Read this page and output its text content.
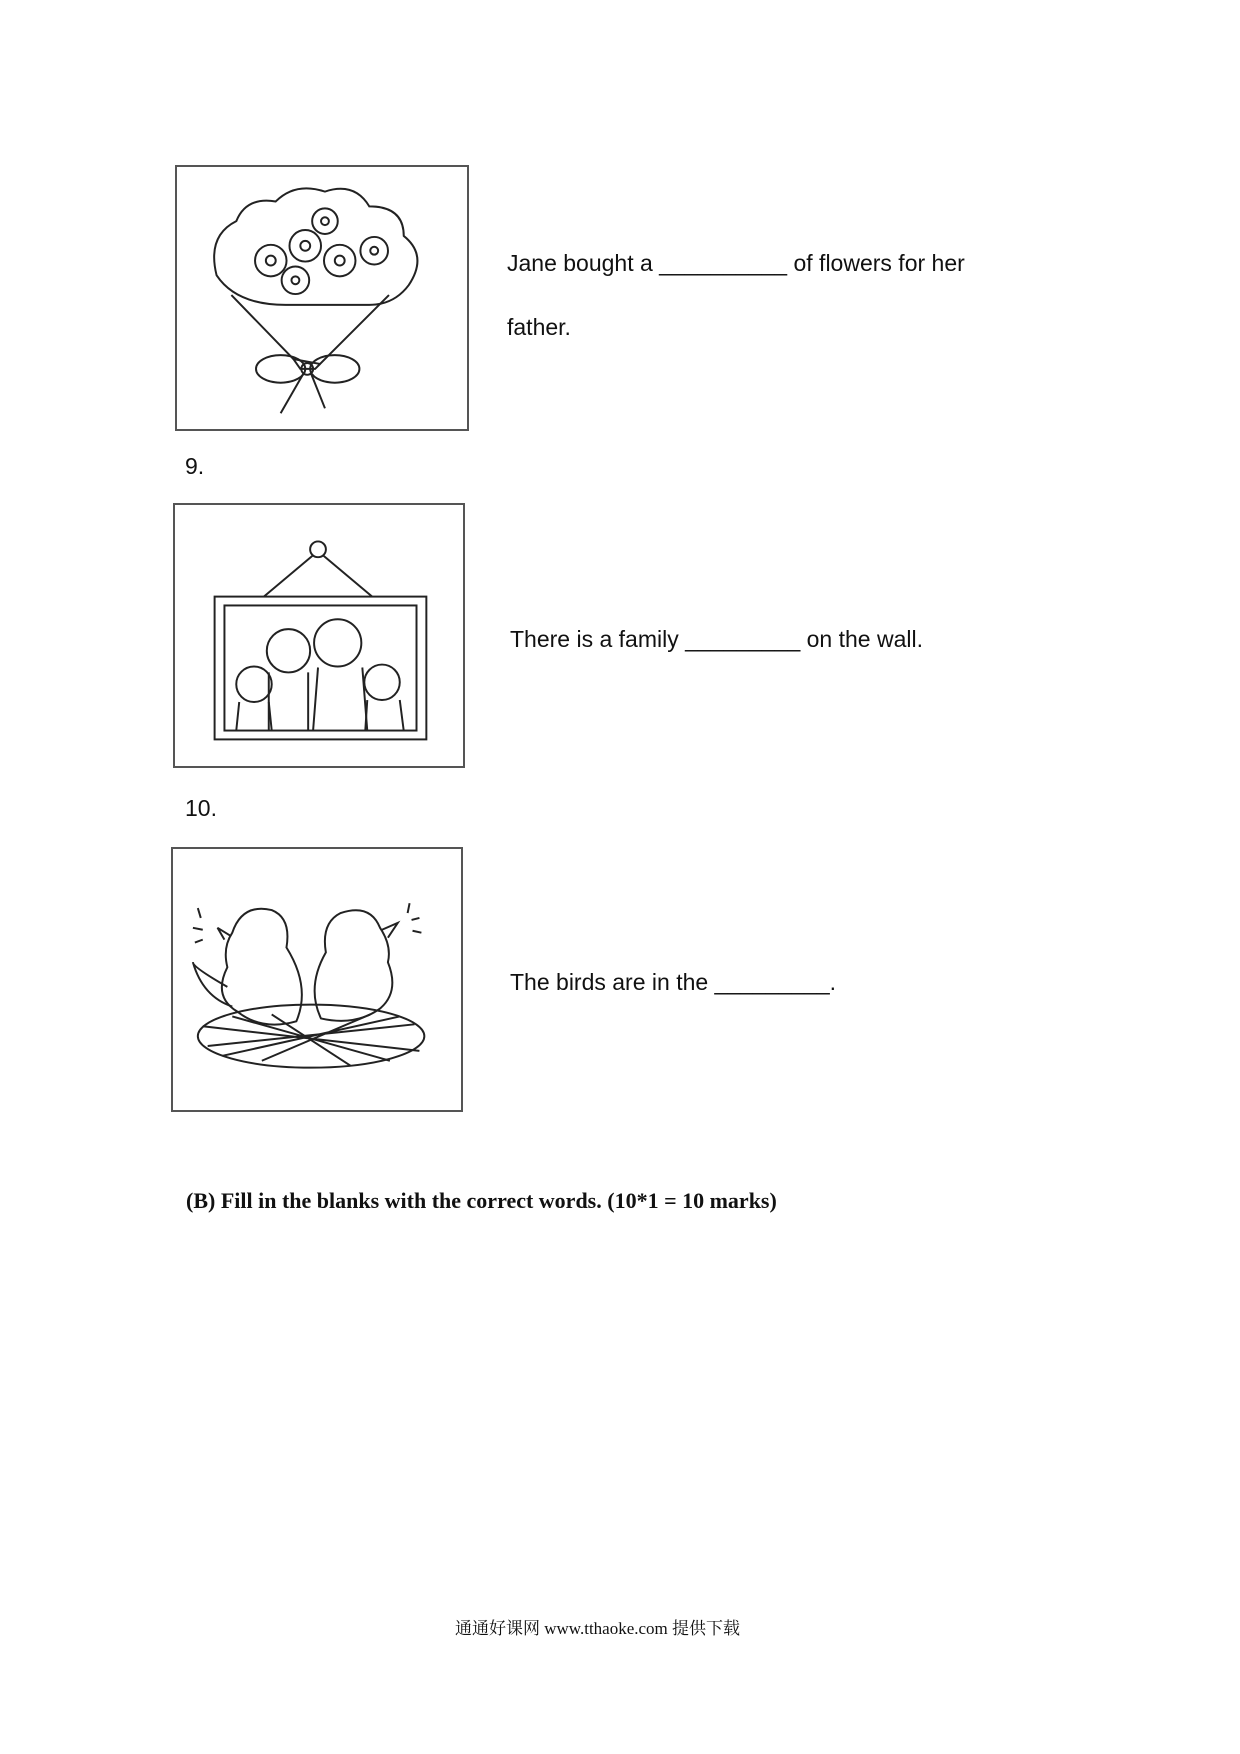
Jane bought a __________ of flowers for her
father.
9.
There is a family _________ on the wall.
10.
The birds are in the _________.
(B) Fill in the blanks with the correct words. (10*1 = 10 marks)
通通好课网 www.tthaoke.com 提供下载
